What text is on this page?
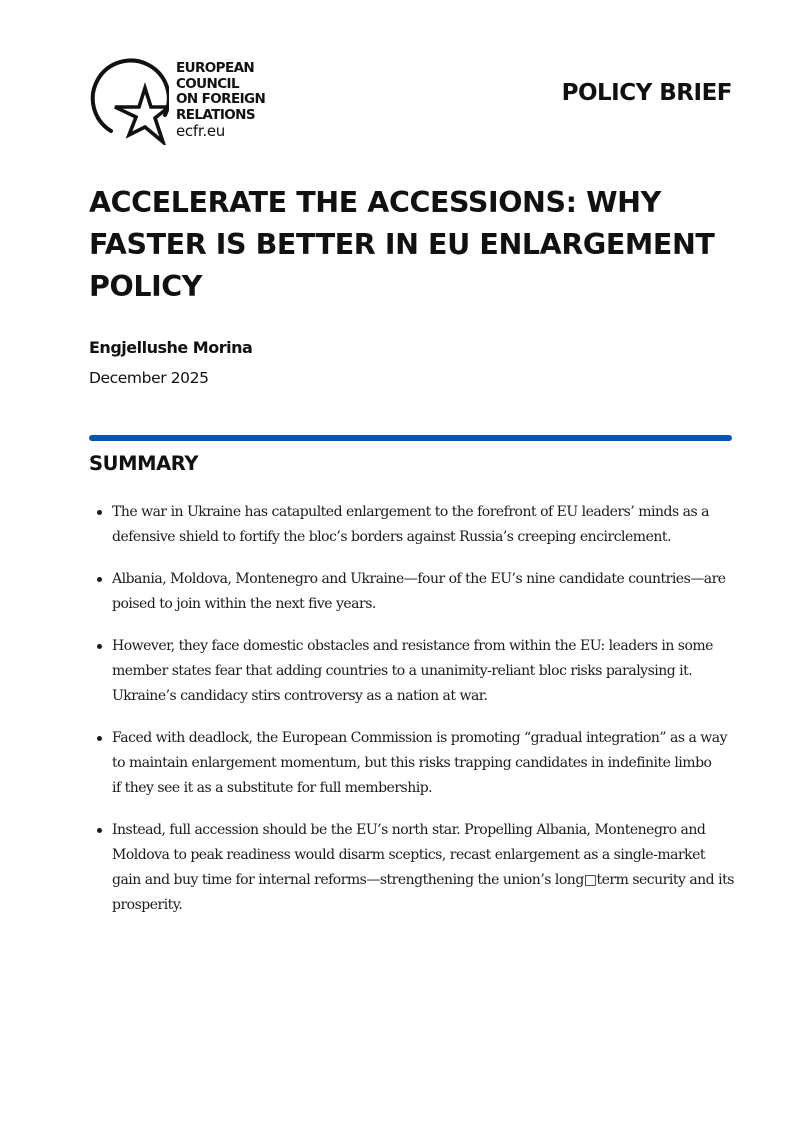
EUROPEAN
COUNCIL
ON FOREIGN
RELATIONS
ecfr.eu
POLICY BRIEF
ACCELERATE THE ACCESSIONS: WHY
FASTER IS BETTER IN EU ENLARGEMENT
POLICY
Engjellushe Morina
December 2025
SUMMARY
The war in Ukraine has catapulted enlargement to the forefront of EU leaders’ minds as a
defensive shield to fortify the bloc’s borders against Russia’s creeping encirclement.
Albania, Moldova, Montenegro and Ukraine—four of the EU’s nine candidate countries—are
poised to join within the next five years.
However, they face domestic obstacles and resistance from within the EU: leaders in some
member states fear that adding countries to a unanimity-reliant bloc risks paralysing it.
Ukraine’s candidacy stirs controversy as a nation at war.
Faced with deadlock, the European Commission is promoting “gradual integration” as a way
to maintain enlargement momentum, but this risks trapping candidates in indefinite limbo
if they see it as a substitute for full membership.
Instead, full accession should be the EU’s north star. Propelling Albania, Montenegro and
Moldova to peak readiness would disarm sceptics, recast enlargement as a single-market
gain and buy time for internal reforms—strengthening the union’s long□term security and its
prosperity.
